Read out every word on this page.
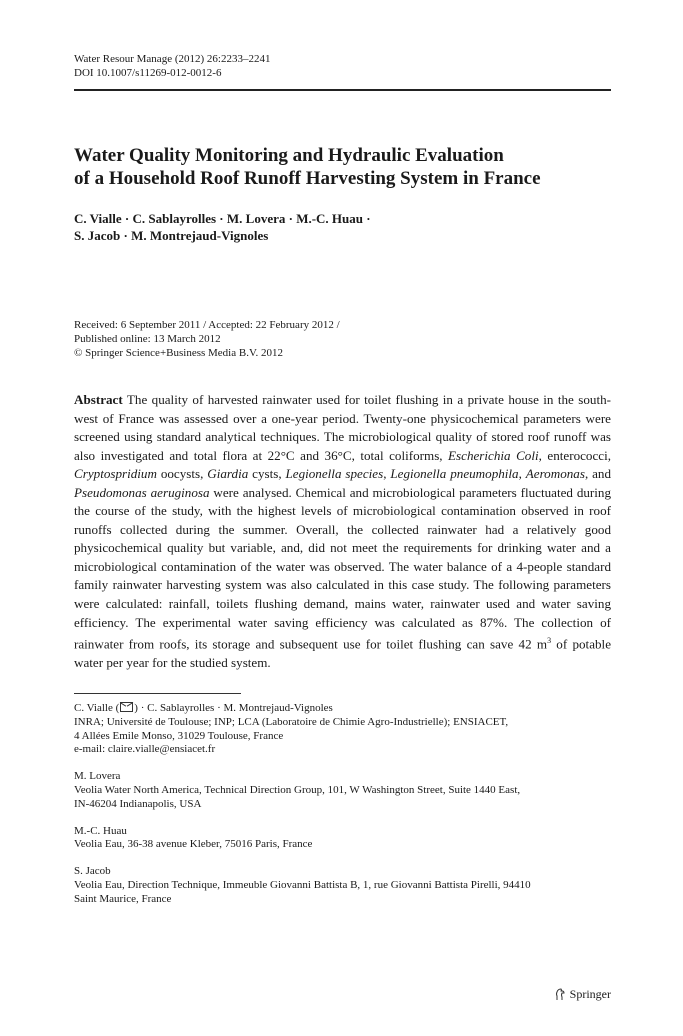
Water Resour Manage (2012) 26:2233–2241
DOI 10.1007/s11269-012-0012-6
Water Quality Monitoring and Hydraulic Evaluation
of a Household Roof Runoff Harvesting System in France
C. Vialle · C. Sablayrolles · M. Lovera · M.-C. Huau ·
S. Jacob · M. Montrejaud-Vignoles
Received: 6 September 2011 / Accepted: 22 February 2012 /
Published online: 13 March 2012
© Springer Science+Business Media B.V. 2012
Abstract The quality of harvested rainwater used for toilet flushing in a private house in the south-west of France was assessed over a one-year period. Twenty-one physicochemical parameters were screened using standard analytical techniques. The microbiological quality of stored roof runoff was also investigated and total flora at 22°C and 36°C, total coliforms, Escherichia Coli, enterococci, Cryptospridium oocysts, Giardia cysts, Legionella species, Legionella pneumophila, Aeromonas, and Pseudomonas aeruginosa were analysed. Chemical and microbiological parameters fluctuated during the course of the study, with the highest levels of microbiological contamination observed in roof runoffs collected during the summer. Overall, the collected rainwater had a relatively good physicochemical quality but variable, and, did not meet the requirements for drinking water and a microbiological contamination of the water was observed. The water balance of a 4-people standard family rainwater harvesting system was also calculated in this case study. The following parameters were calculated: rainfall, toilets flushing demand, mains water, rainwater used and water saving efficiency. The experimental water saving efficiency was calculated as 87%. The collection of rainwater from roofs, its storage and subsequent use for toilet flushing can save 42 $m^3$ of potable water per year for the studied system.
C. Vialle ( ) · C. Sablayrolles · M. Montrejaud-Vignoles
INRA; Université de Toulouse; INP; LCA (Laboratoire de Chimie Agro-Industrielle); ENSIACET,
4 Allées Emile Monso, 31029 Toulouse, France
e-mail: claire.vialle@ensiacet.fr
M. Lovera
Veolia Water North America, Technical Direction Group, 101, W Washington Street, Suite 1440 East,
IN-46204 Indianapolis, USA
M.-C. Huau
Veolia Eau, 36-38 avenue Kleber, 75016 Paris, France
S. Jacob
Veolia Eau, Direction Technique, Immeuble Giovanni Battista B, 1, rue Giovanni Battista Pirelli, 94410
Saint Maurice, France
Springer
